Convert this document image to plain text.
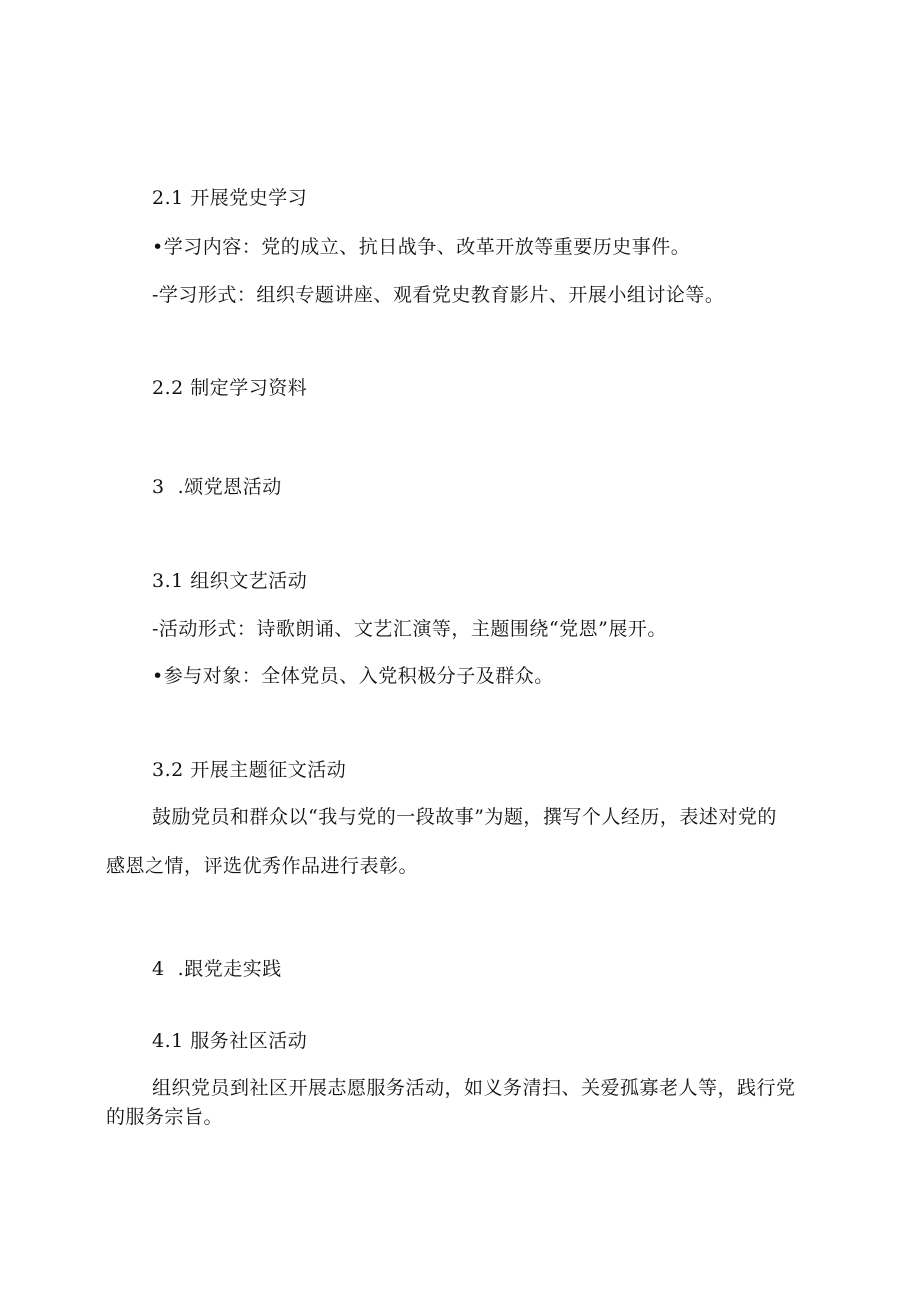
2.1 开展党史学习
•学习内容：党的成立、抗日战争、改革开放等重要历史事件。
-学习形式：组织专题讲座、观看党史教育影片、开展小组讨论等。
2.2 制定学习资料
3  .颂党恩活动
3.1 组织文艺活动
-活动形式：诗歌朗诵、文艺汇演等，主题围绕“党恩”展开。
•参与对象：全体党员、入党积极分子及群众。
3.2 开展主题征文活动
鼓励党员和群众以“我与党的一段故事”为题，撰写个人经历，表述对党的
感恩之情，评选优秀作品进行表彰。
4  .跟党走实践
4.1 服务社区活动
组织党员到社区开展志愿服务活动，如义务清扫、关爱孤寡老人等，践行党
的服务宗旨。
